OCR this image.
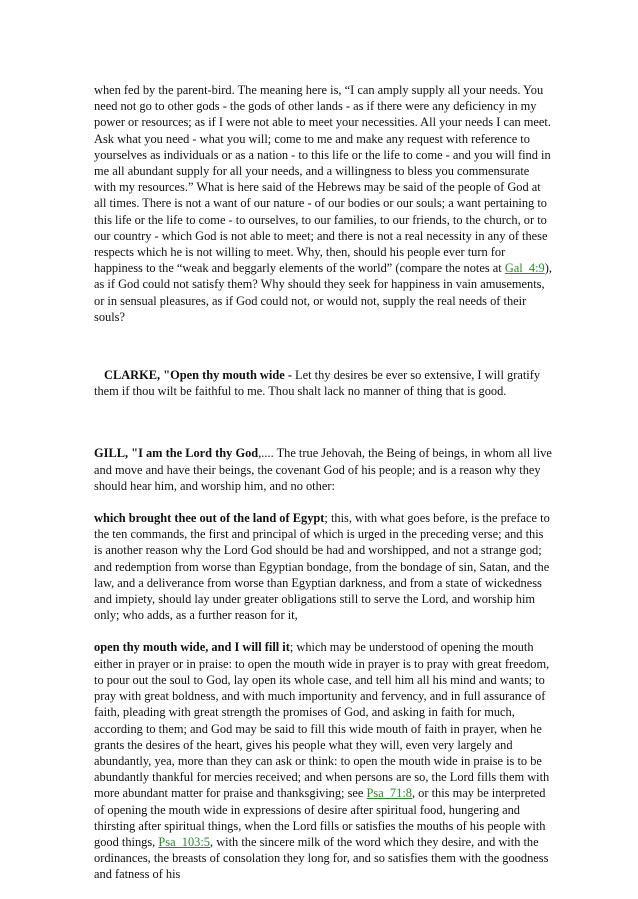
when fed by the parent-bird. The meaning here is, “I can amply supply all your needs. You need not go to other gods - the gods of other lands - as if there were any deficiency in my power or resources; as if I were not able to meet your necessities. All your needs I can meet. Ask what you need - what you will; come to me and make any request with reference to yourselves as individuals or as a nation - to this life or the life to come - and you will find in me all abundant supply for all your needs, and a willingness to bless you commensurate with my resources.” What is here said of the Hebrews may be said of the people of God at all times. There is not a want of our nature - of our bodies or our souls; a want pertaining to this life or the life to come - to ourselves, to our families, to our friends, to the church, or to our country - which God is not able to meet; and there is not a real necessity in any of these respects which he is not willing to meet. Why, then, should his people ever turn for happiness to the “weak and beggarly elements of the world” (compare the notes at Gal_4:9), as if God could not satisfy them? Why should they seek for happiness in vain amusements, or in sensual pleasures, as if God could not, or would not, supply the real needs of their souls?

CLARKE, "Open thy mouth wide - Let thy desires be ever so extensive, I will gratify them if thou wilt be faithful to me. Thou shalt lack no manner of thing that is good.

GILL, "I am the Lord thy God,.... The true Jehovah, the Being of beings, in whom all live and move and have their beings, the covenant God of his people; and is a reason why they should hear him, and worship him, and no other:

which brought thee out of the land of Egypt; this, with what goes before, is the preface to the ten commands, the first and principal of which is urged in the preceding verse; and this is another reason why the Lord God should be had and worshipped, and not a strange god; and redemption from worse than Egyptian bondage, from the bondage of sin, Satan, and the law, and a deliverance from worse than Egyptian darkness, and from a state of wickedness and impiety, should lay under greater obligations still to serve the Lord, and worship him only; who adds, as a further reason for it,

open thy mouth wide, and I will fill it; which may be understood of opening the mouth either in prayer or in praise: to open the mouth wide in prayer is to pray with great freedom, to pour out the soul to God, lay open its whole case, and tell him all his mind and wants; to pray with great boldness, and with much importunity and fervency, and in full assurance of faith, pleading with great strength the promises of God, and asking in faith for much, according to them; and God may be said to fill this wide mouth of faith in prayer, when he grants the desires of the heart, gives his people what they will, even very largely and abundantly, yea, more than they can ask or think: to open the mouth wide in praise is to be abundantly thankful for mercies received; and when persons are so, the Lord fills them with more abundant matter for praise and thanksgiving; see Psa_71:8, or this may be interpreted of opening the mouth wide in expressions of desire after spiritual food, hungering and thirsting after spiritual things, when the Lord fills or satisfies the mouths of his people with good things, Psa_103:5, with the sincere milk of the word which they desire, and with the ordinances, the breasts of consolation they long for, and so satisfies them with the goodness and fatness of his
